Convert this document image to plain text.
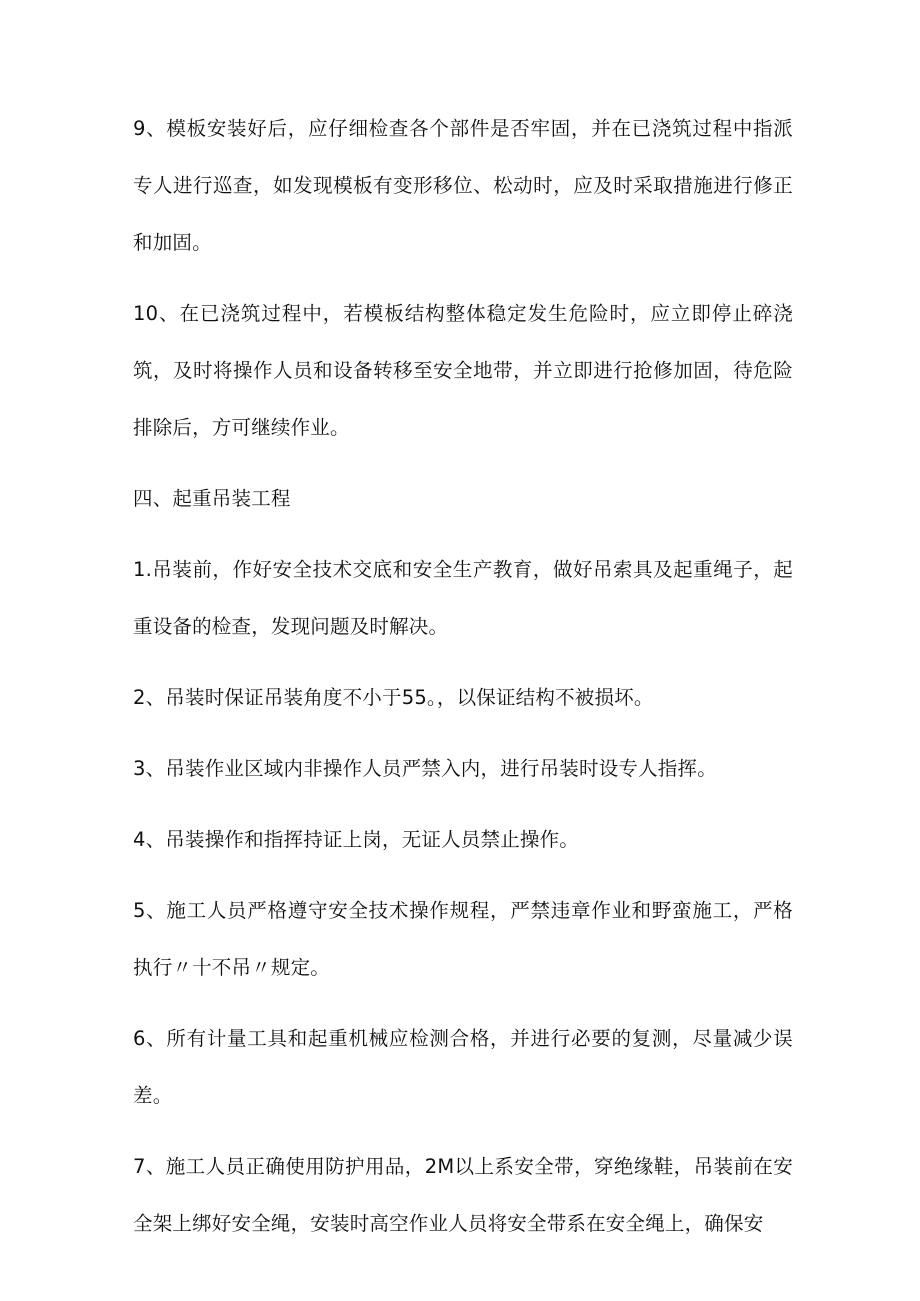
9、模板安装好后，应仔细检查各个部件是否牢固，并在已浇筑过程中指派专人进行巡查，如发现模板有变形移位、松动时，应及时采取措施进行修正和加固。

10、在已浇筑过程中，若模板结构整体稳定发生危险时，应立即停止碎浇筑，及时将操作人员和设备转移至安全地带，并立即进行抢修加固，待危险排除后，方可继续作业。

四、起重吊装工程

1.吊装前，作好安全技术交底和安全生产教育，做好吊索具及起重绳子，起重设备的检查，发现问题及时解决。

2、吊装时保证吊装角度不小于55。，以保证结构不被损坏。

3、吊装作业区域内非操作人员严禁入内，进行吊装时设专人指挥。

4、吊装操作和指挥持证上岗，无证人员禁止操作。

5、施工人员严格遵守安全技术操作规程，严禁违章作业和野蛮施工，严格执行〃十不吊〃规定。

6、所有计量工具和起重机械应检测合格，并进行必要的复测，尽量减少误差。

7、施工人员正确使用防护用品，2M以上系安全带，穿绝缘鞋，吊装前在安全架上绑好安全绳，安装时高空作业人员将安全带系在安全绳上，确保安
